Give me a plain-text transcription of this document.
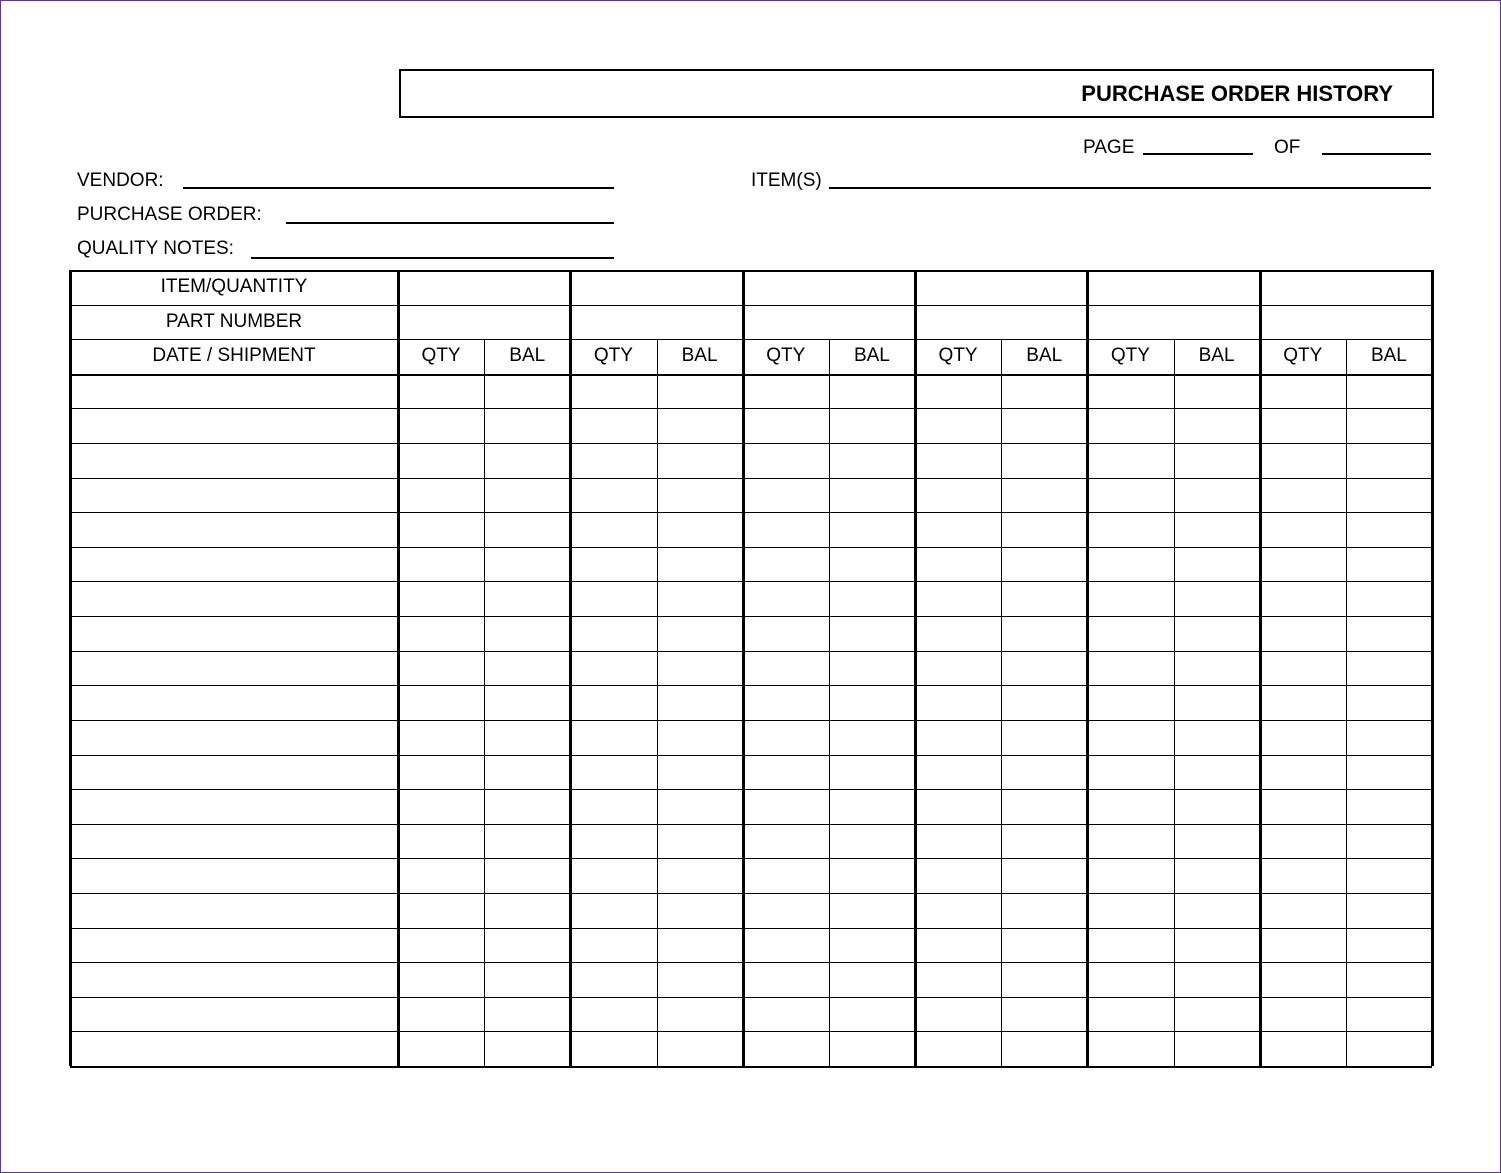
PURCHASE ORDER HISTORY
PAGE	OF
VENDOR:	ITEM(S)
PURCHASE ORDER:
QUALITY NOTES:
ITEM/QUANTITY
PART NUMBER
DATE / SHIPMENT	QTY	BAL	QTY	BAL	QTY	BAL	QTY	BAL	QTY	BAL	QTY	BAL
